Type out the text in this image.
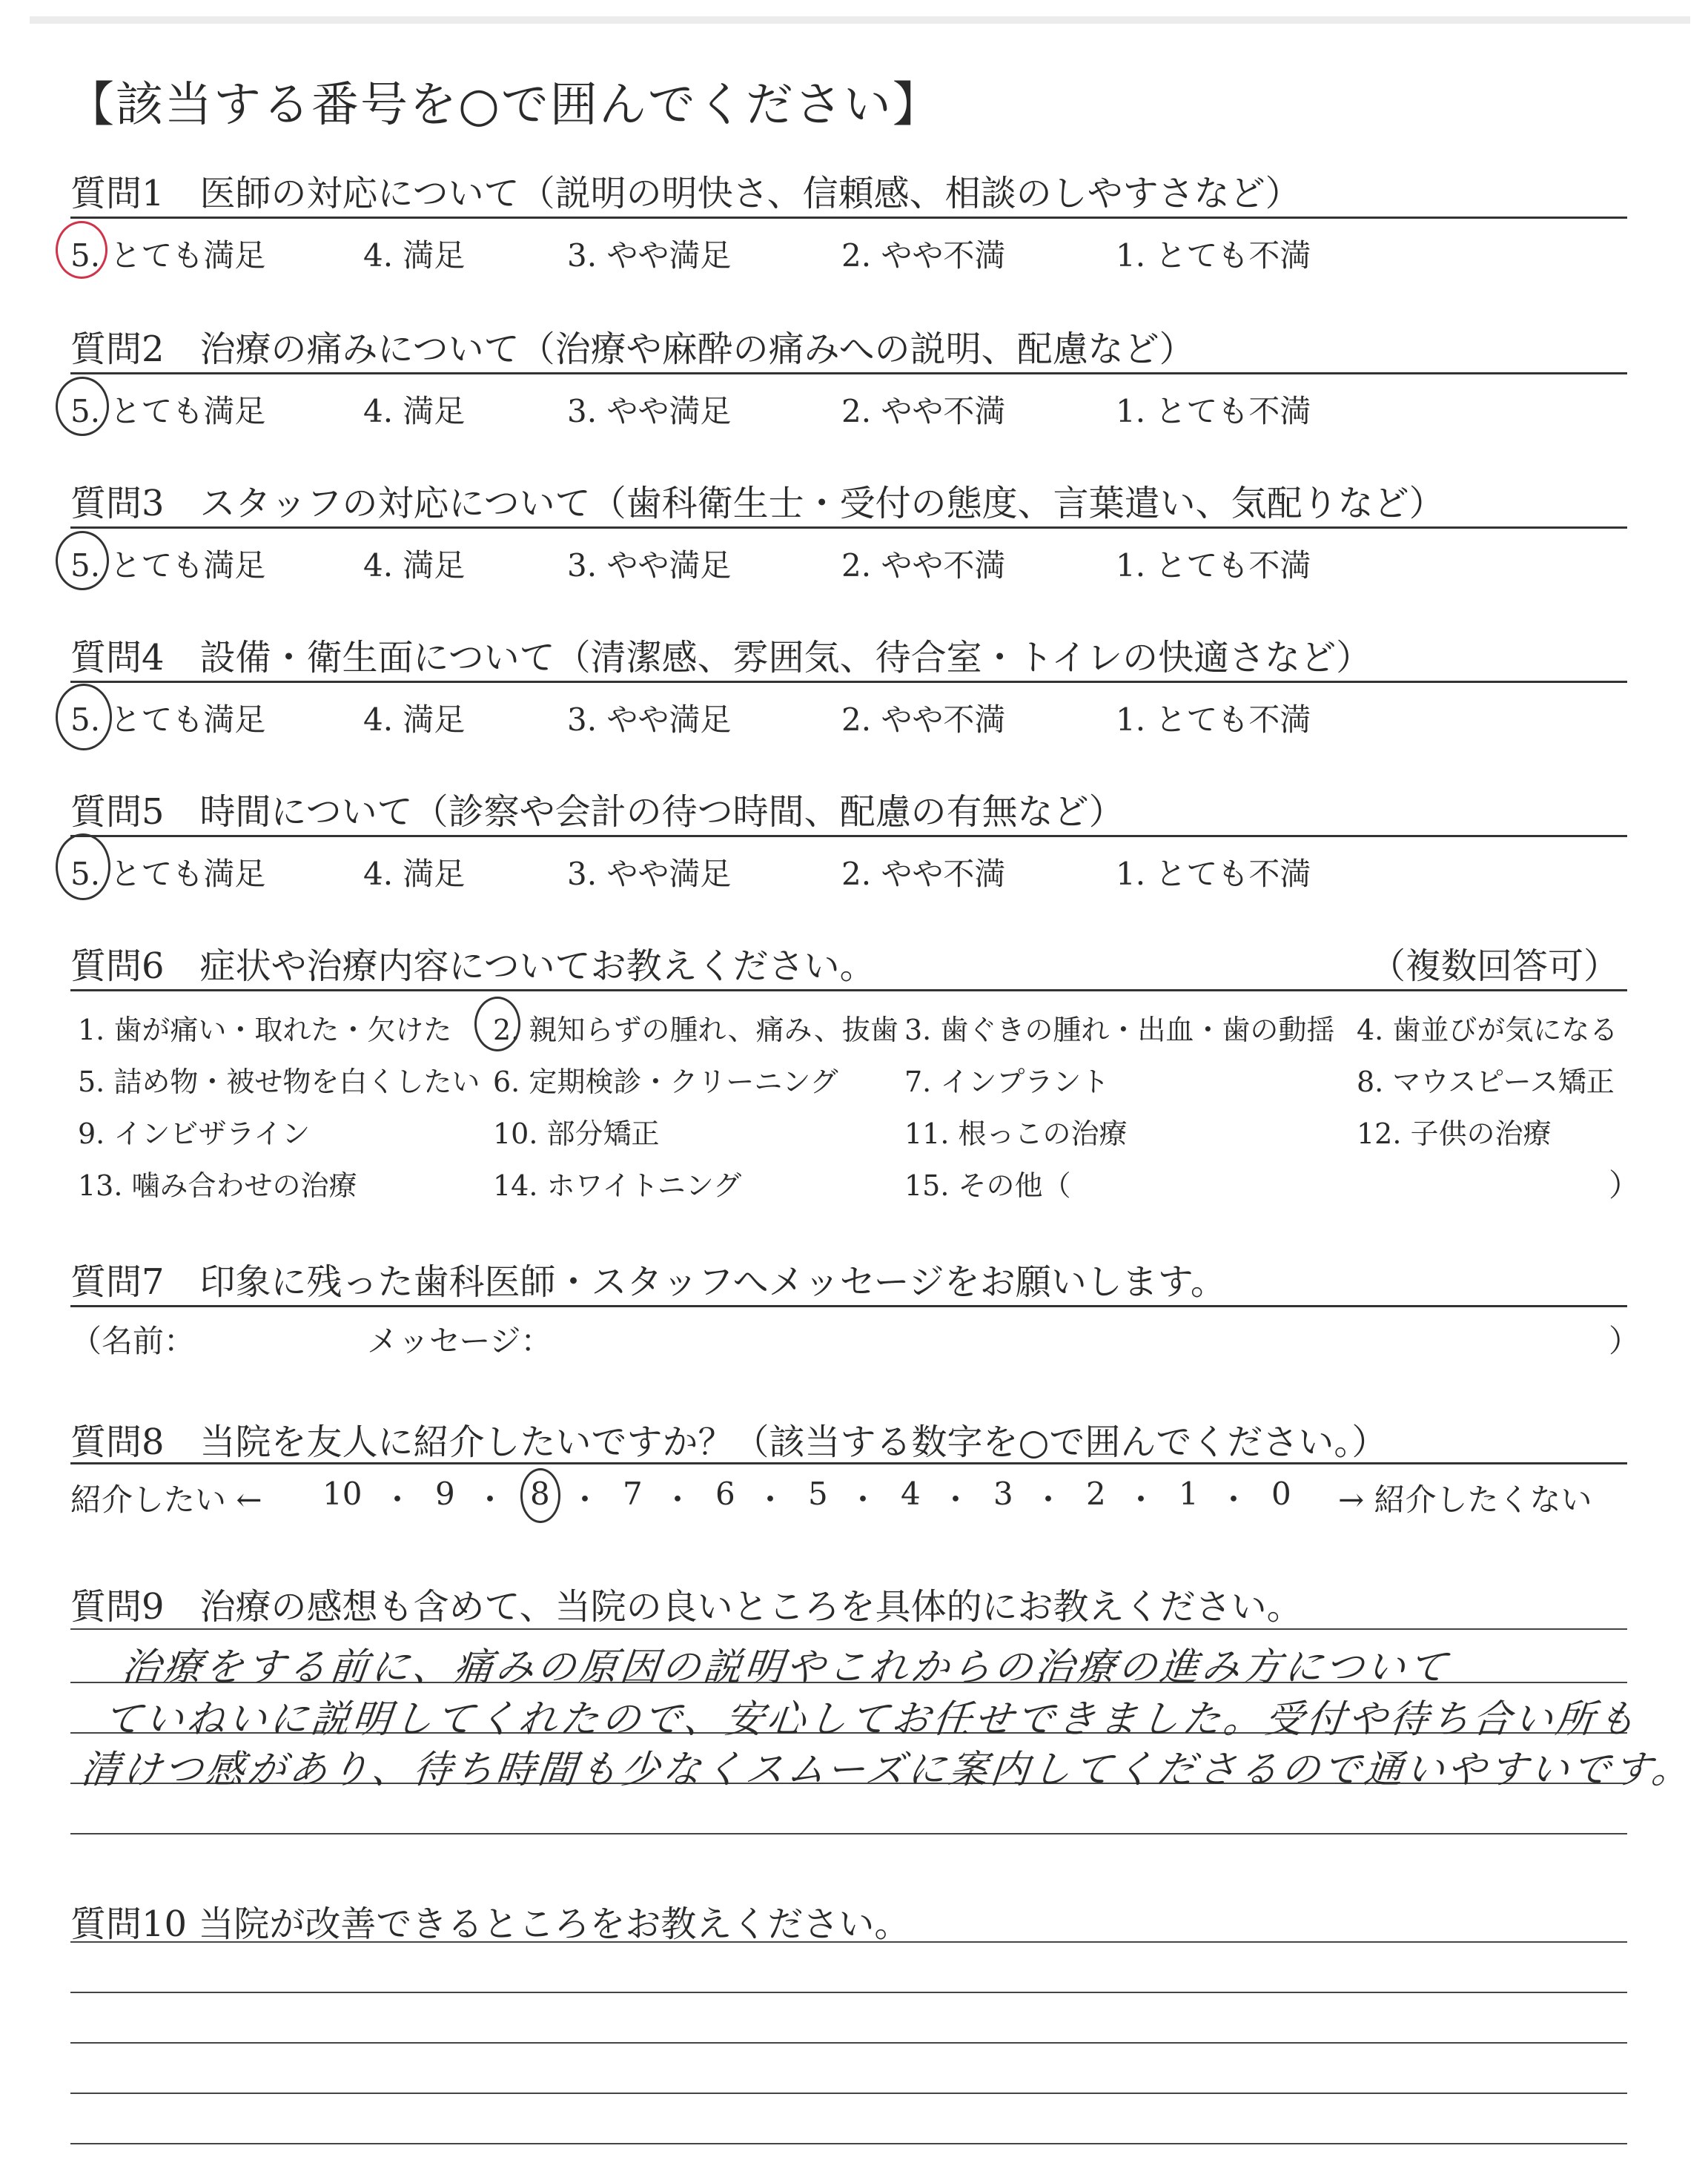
【該当する番号を○で囲んでください】
質問1　医師の対応について（説明の明快さ、信頼感、相談のしやすさなど）
5. とても満足	4. 満足	3. やや満足	2. やや不満	1. とても不満
質問2　治療の痛みについて（治療や麻酔の痛みへの説明、配慮など）
5. とても満足	4. 満足	3. やや満足	2. やや不満	1. とても不満
質問3　スタッフの対応について（歯科衛生士・受付の態度、言葉遣い、気配りなど）
5. とても満足	4. 満足	3. やや満足	2. やや不満	1. とても不満
質問4　設備・衛生面について（清潔感、雰囲気、待合室・トイレの快適さなど）
5. とても満足	4. 満足	3. やや満足	2. やや不満	1. とても不満
質問5　時間について（診察や会計の待つ時間、配慮の有無など）
5. とても満足	4. 満足	3. やや満足	2. やや不満	1. とても不満
質問6　症状や治療内容についてお教えください。	（複数回答可）
1. 歯が痛い・取れた・欠けた 2. 親知らずの腫れ、痛み、抜歯 3. 歯ぐきの腫れ・出血・歯の動揺 4. 歯並びが気になる
5. 詰め物・被せ物を白くしたい 6. 定期検診・クリーニング 7. インプラント	8. マウスピース矯正
9. インビザライン	10. 部分矯正	11. 根っこの治療	12. 子供の治療
13. 噛み合わせの治療	14. ホワイトニング	15. その他（	）
質問7　印象に残った歯科医師・スタッフへメッセージをお願いします。
（名前：	メッセージ：	）
質問8　当院を友人に紹介したいですか？（該当する数字を○で囲んでください。）
紹介したい ← 10 ・ 9 ・ 8 ・ 7 ・ 6 ・ 5 ・ 4 ・ 3 ・ 2 ・ 1 ・ 0 → 紹介したくない
質問9　治療の感想も含めて、当院の良いところを具体的にお教えください。
治療をする前に、痛みの原因の説明やこれからの治療の進み方について
ていねいに説明してくれたので、安心してお任せできました。受付や待ち合い所も
清けつ感があり、待ち時間も少なくスムーズに案内してくださるので通いやすいです。
質問10 当院が改善できるところをお教えください。
